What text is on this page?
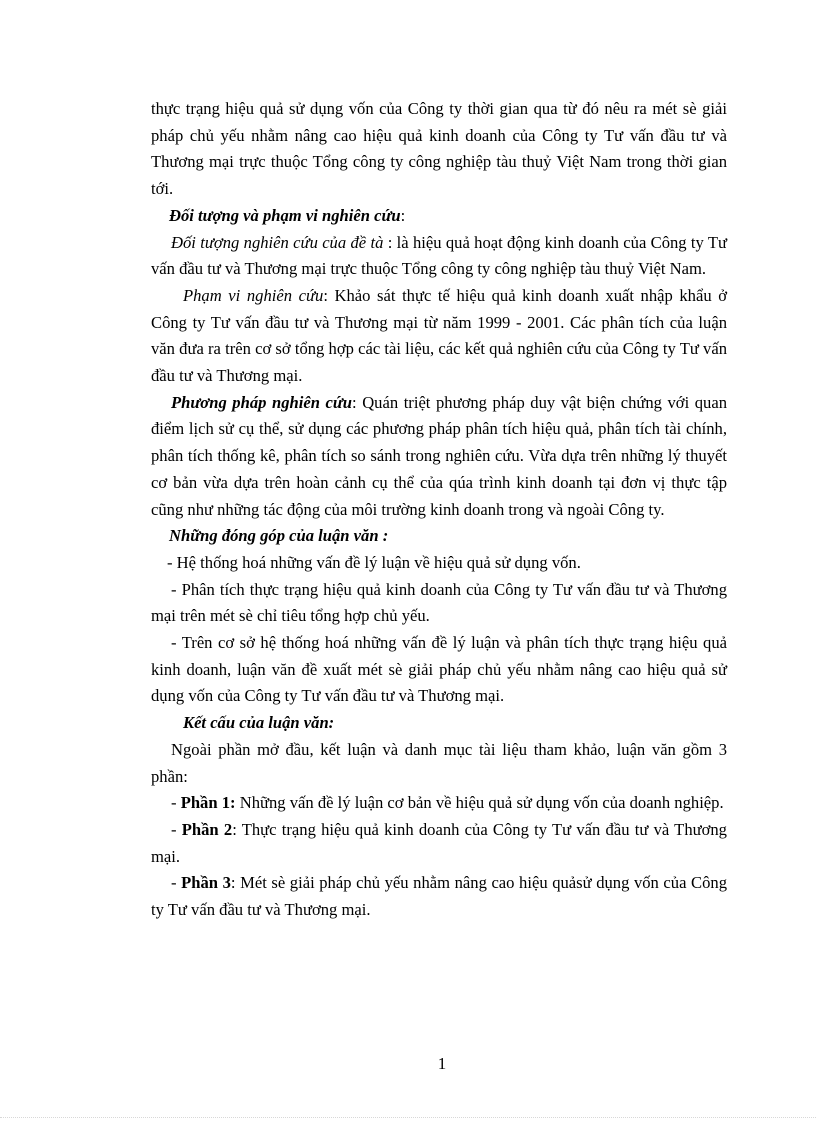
thực trạng hiệu quả sử dụng vốn của Công ty thời gian qua từ đó nêu ra mét sè giải pháp chủ yếu nhằm nâng cao hiệu quả kinh doanh của Công ty Tư vấn đầu tư và Thương mại trực thuộc Tổng công ty công nghiệp tàu thuỷ Việt Nam trong thời gian tới.

Đối tượng và phạm vi nghiên cứu:

Đối tượng nghiên cứu của đề tà : là hiệu quả hoạt động kinh doanh của Công ty Tư vấn đầu tư và Thương mại trực thuộc Tổng công ty công nghiệp tàu thuỷ Việt Nam.

Phạm vi nghiên cứu: Khảo sát thực tế hiệu quả kinh doanh xuất nhập khẩu ở Công ty Tư vấn đầu tư và Thương mại từ năm 1999 - 2001. Các phân tích của luận văn đưa ra trên cơ sở tổng hợp các tài liệu, các kết quả nghiên cứu của Công ty Tư vấn đầu tư và Thương mại.

Phương pháp nghiên cứu: Quán triệt phương pháp duy vật biện chứng với quan điểm lịch sử cụ thể, sử dụng các phương pháp phân tích hiệu quả, phân tích tài chính, phân tích thống kê, phân tích so sánh trong nghiên cứu. Vừa dựa trên những lý thuyết cơ bản vừa dựa trên hoàn cảnh cụ thể của qúa trình kinh doanh tại đơn vị thực tập cũng như những tác động của môi trường kinh doanh trong và ngoài Công ty.

Những đóng góp của luận văn :

- Hệ thống hoá những vấn đề lý luận về hiệu quả sử dụng vốn.

- Phân tích thực trạng hiệu quả kinh doanh của Công ty Tư vấn đầu tư và Thương mại trên mét sè chỉ tiêu tổng hợp chủ yếu.

- Trên cơ sở hệ thống hoá những vấn đề lý luận và phân tích thực trạng hiệu quả kinh doanh, luận văn đề xuất mét sè giải pháp chủ yếu nhằm nâng cao hiệu quả sử dụng vốn của Công ty Tư vấn đầu tư và Thương mại.

Kết cấu của luận văn:

Ngoài phần mở đầu, kết luận và danh mục tài liệu tham khảo, luận văn gồm 3 phần:

- Phần 1: Những vấn đề lý luận cơ bản về hiệu quả sử dụng vốn của doanh nghiệp.

- Phần 2: Thực trạng hiệu quả kinh doanh của Công ty Tư vấn đầu tư và Thương mại.

- Phần 3: Mét sè giải pháp chủ yếu nhằm nâng cao hiệu quảsử dụng vốn của Công ty Tư vấn đầu tư và Thương mại.

1
